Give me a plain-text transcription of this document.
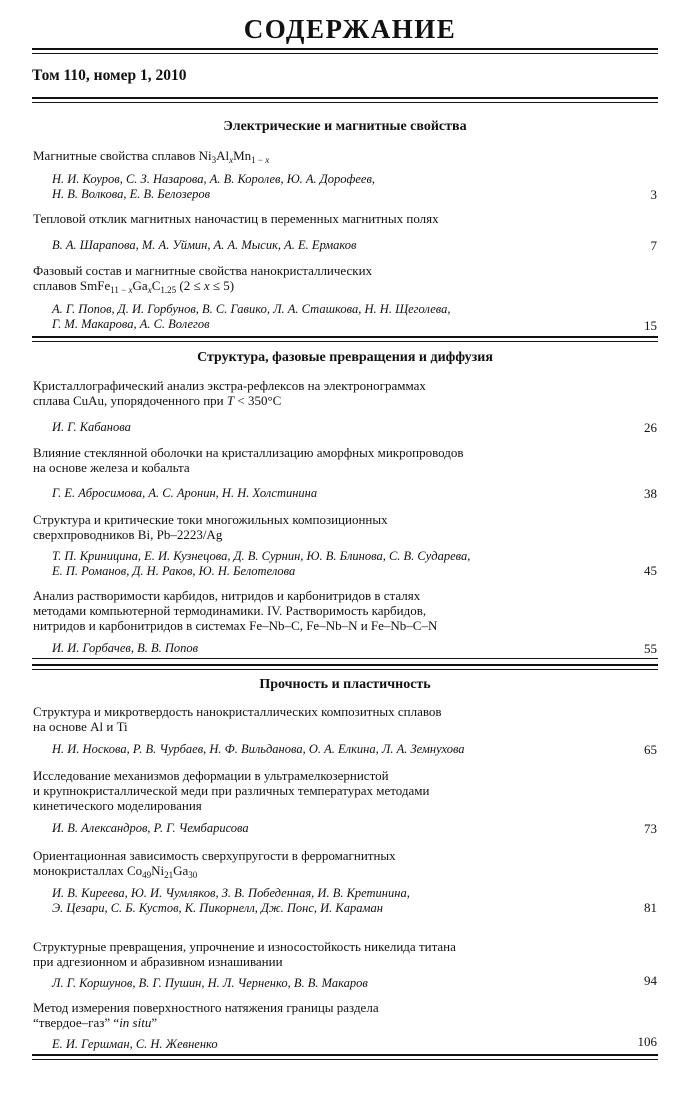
СОДЕРЖАНИЕ
Том 110, номер 1, 2010
Электрические и магнитные свойства
Магнитные свойства сплавов $Ni_3Al_xMn_{1 - x}$
Н. И. Коуров, С. З. Назарова, А. В. Королев, Ю. А. Дорофеев,
Н. В. Волкова, Е. В. Белозеров	3
Тепловой отклик магнитных наночастиц в переменных магнитных полях
В. А. Шарапова, М. А. Уймин, А. А. Мысик, А. Е. Ермаков	7
Фазовый состав и магнитные свойства нанокристаллических
сплавов $SmFe_{11 - x}Ga_xC_{1.25}$ (2 ≤ x ≤ 5)
А. Г. Попов, Д. И. Горбунов, В. С. Гавико, Л. А. Сташкова, Н. Н. Щеголева,
Г. М. Макарова, А. С. Волегов	15
Структура, фазовые превращения и диффузия
Кристаллографический анализ экстра-рефлексов на электронограммах
сплава CuAu, упорядоченного при T < 350°C
И. Г. Кабанова	26
Влияние стеклянной оболочки на кристаллизацию аморфных микропроводов
на основе железа и кобальта
Г. Е. Абросимова, А. С. Аронин, Н. Н. Холстинина	38
Структура и критические токи многожильных композиционных
сверхпроводников Bi, Pb–2223/Ag
Т. П. Криницина, Е. И. Кузнецова, Д. В. Сурнин, Ю. В. Блинова, С. В. Сударева,
Е. П. Романов, Д. Н. Раков, Ю. Н. Белотелова	45
Анализ растворимости карбидов, нитридов и карбонитридов в сталях
методами компьютерной термодинамики. IV. Растворимость карбидов,
нитридов и карбонитридов в системах Fe–Nb–C, Fe–Nb–N и Fe–Nb–C–N
И. И. Горбачев, В. В. Попов	55
Прочность и пластичность
Структура и микротвердость нанокристаллических композитных сплавов
на основе Al и Ti
Н. И. Носкова, Р. В. Чурбаев, Н. Ф. Вильданова, О. А. Елкина, Л. А. Земнухова	65
Исследование механизмов деформации в ультрамелкозернистой
и крупнокристаллической меди при различных температурах методами
кинетического моделирования
И. В. Александров, Р. Г. Чембарисова	73
Ориентационная зависимость сверхупругости в ферромагнитных
монокристаллах $Co_{49}Ni_{21}Ga_{30}$
И. В. Киреева, Ю. И. Чумляков, З. В. Победенная, И. В. Кретинина,
Э. Цезари, С. Б. Кустов, К. Пикорнелл, Дж. Понс, И. Караман	81
Структурные превращения, упрочнение и износостойкость никелида титана
при адгезионном и абразивном изнашивании
Л. Г. Коршунов, В. Г. Пушин, Н. Л. Черненко, В. В. Макаров	94
Метод измерения поверхностного натяжения границы раздела
“твердое–газ” “in situ”
Е. И. Гершман, С. Н. Жевненко	106
